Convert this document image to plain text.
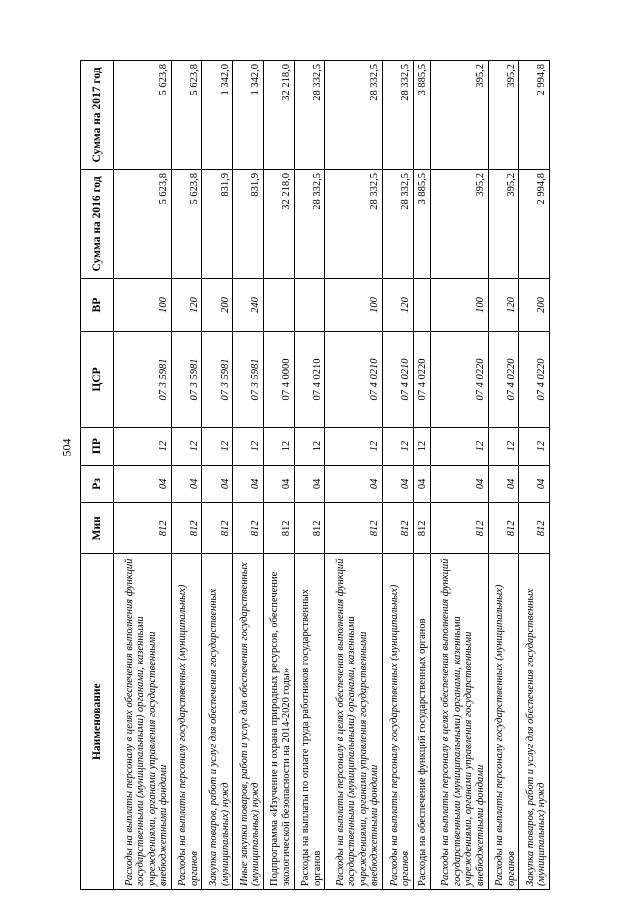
504
Наименование	Мин	Рз	ПР	ЦСР	ВР	Сумма на 2016 год	Сумма на 2017 год
Расходы на выплаты персоналу в целях обеспечения выполнения функций государственными (муниципальными) органами, казенными учреждениями, органами управления государственными внебюджетными фондами	812	04	12	07 3 5981	100	5 623,8	5 623,8
Расходы на выплаты персоналу государственных (муниципальных) органов	812	04	12	07 3 5981	120	5 623,8	5 623,8
Закупка товаров, работ и услуг для обеспечения государственных (муниципальных) нужд	812	04	12	07 3 5981	200	831,9	1 342,0
Иные закупки товаров, работ и услуг для обеспечения государственных (муниципальных) нужд	812	04	12	07 3 5981	240	831,9	1 342,0
Подпрограмма «Изучение и охрана природных ресурсов, обеспечение экологической безопасности на 2014-2020 годы»	812	04	12	07 4 0000		32 218,0	32 218,0
Расходы на выплаты по оплате труда работников государственных органов	812	04	12	07 4 0210		28 332,5	28 332,5
Расходы на выплаты персоналу в целях обеспечения выполнения функций государственными (муниципальными) органами, казенными учреждениями, органами управления государственными внебюджетными фондами	812	04	12	07 4 0210	100	28 332,5	28 332,5
Расходы на выплаты персоналу государственных (муниципальных) органов	812	04	12	07 4 0210	120	28 332,5	28 332,5
Расходы на обеспечение функций государственных органов	812	04	12	07 4 0220		3 885,5	3 885,5
Расходы на выплаты персоналу в целях обеспечения выполнения функций государственными (муниципальными) органами, казенными учреждениями, органами управления государственными внебюджетными фондами	812	04	12	07 4 0220	100	395,2	395,2
Расходы на выплаты персоналу государственных (муниципальных) органов	812	04	12	07 4 0220	120	395,2	395,2
Закупка товаров, работ и услуг для обеспечения государственных (муниципальных) нужд	812	04	12	07 4 0220	200	2 994,8	2 994,8
